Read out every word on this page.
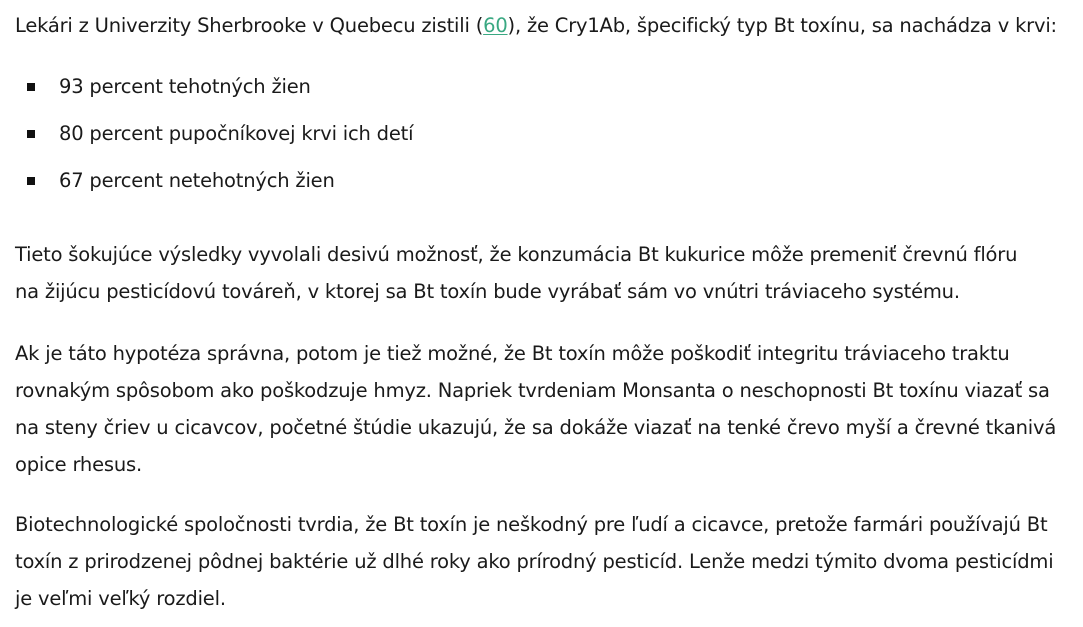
Lekári z Univerzity Sherbrooke v Quebecu zistili (60), že Cry1Ab, špecifický typ Bt toxínu, sa nachádza v krvi:

93 percent tehotných žien
80 percent pupočníkovej krvi ich detí
67 percent netehotných žien

Tieto šokujúce výsledky vyvolali desivú možnosť, že konzumácia Bt kukurice môže premeniť črevnú flóru
na žijúcu pesticídovú továreň, v ktorej sa Bt toxín bude vyrábať sám vo vnútri tráviaceho systému.

Ak je táto hypotéza správna, potom je tiež možné, že Bt toxín môže poškodiť integritu tráviaceho traktu
rovnakým spôsobom ako poškodzuje hmyz. Napriek tvrdeniam Monsanta o neschopnosti Bt toxínu viazať sa
na steny čriev u cicavcov, početné štúdie ukazujú, že sa dokáže viazať na tenké črevo myší a črevné tkanivá
opice rhesus.

Biotechnologické spoločnosti tvrdia, že Bt toxín je neškodný pre ľudí a cicavce, pretože farmári používajú Bt
toxín z prirodzenej pôdnej baktérie už dlhé roky ako prírodný pesticíd. Lenže medzi týmito dvoma pesticídmi
je veľmi veľký rozdiel.
